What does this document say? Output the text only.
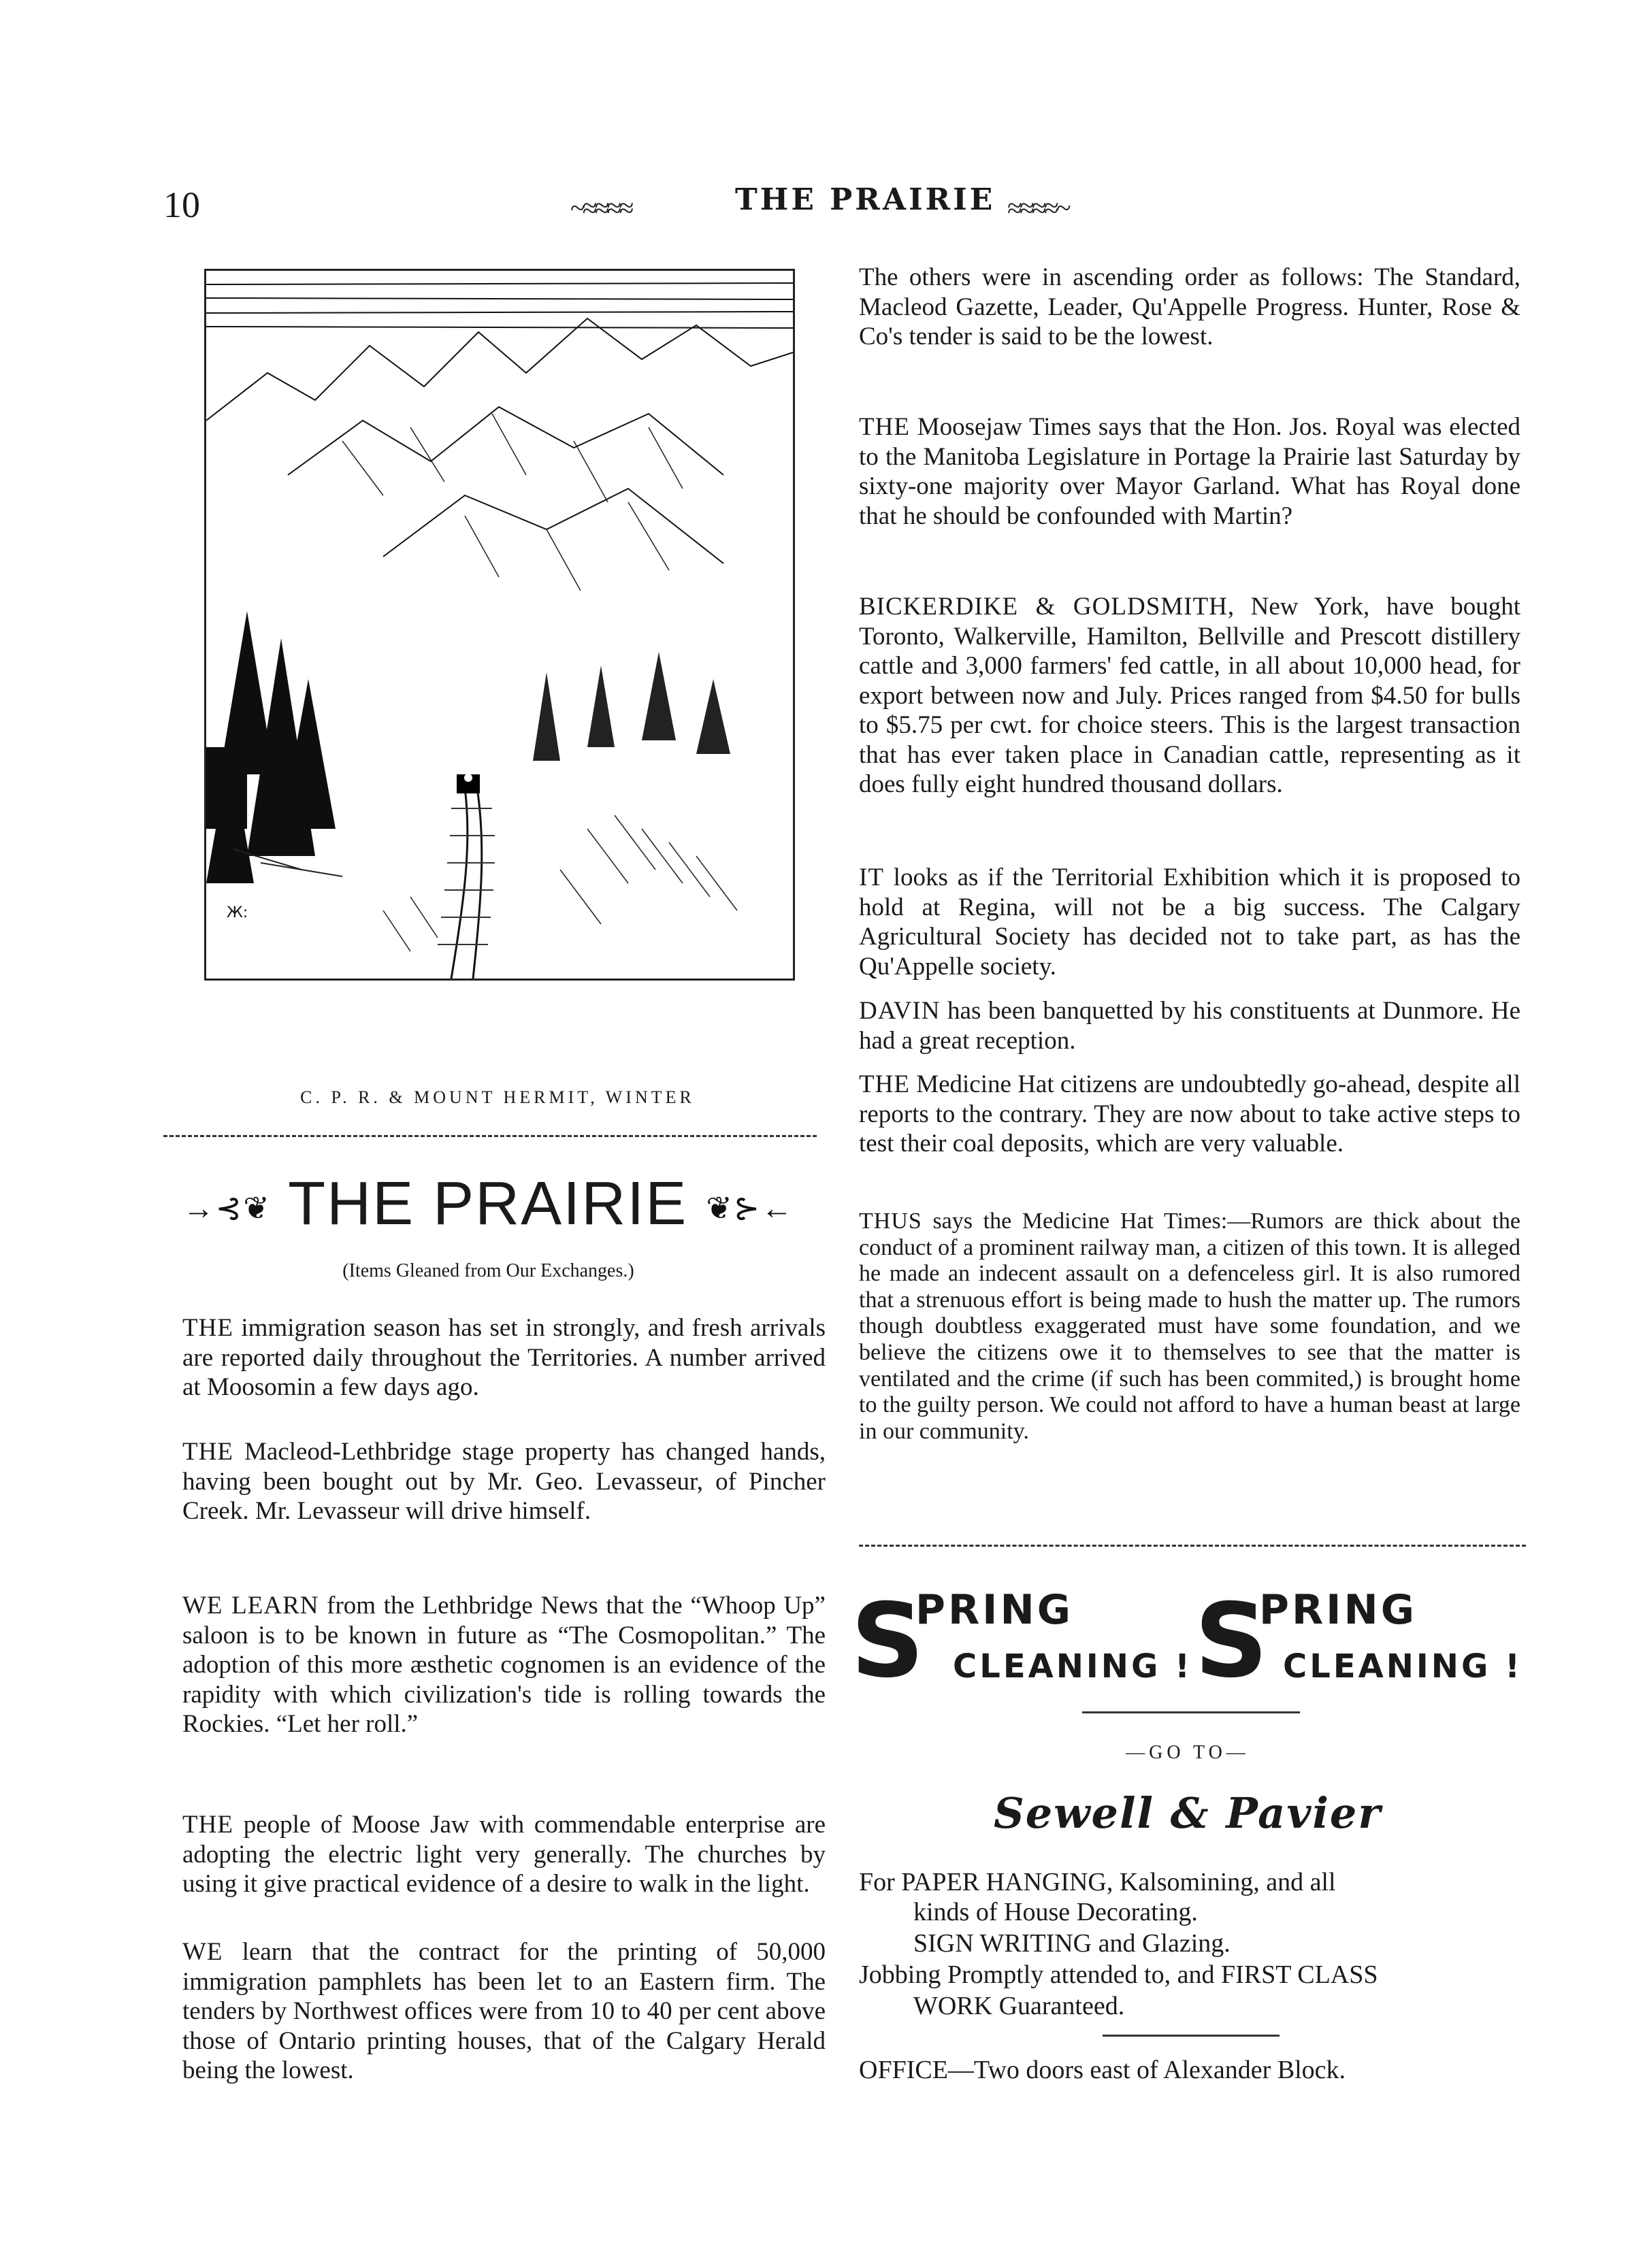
10	~≈≈≈≈	THE PRAIRIE ≈≈≈≈~
Ж:
C. P. R. & MOUNT HERMIT, WINTER
→⊰❦ THE PRAIRIE ❦⊱←
(Items Gleaned from Our Exchanges.)

THE immigration season has set in strongly, and fresh arrivals are reported daily throughout the Territories. A number arrived at Moosomin a few days ago.

THE Macleod-Lethbridge stage property has changed hands, having been bought out by Mr. Geo. Levasseur, of Pincher Creek. Mr. Levasseur will drive himself.

WE LEARN from the Lethbridge News that the “Whoop Up” saloon is to be known in future as “The Cosmopolitan.” The adoption of this more æsthetic cognomen is an evidence of the rapidity with which civilization's tide is rolling towards the Rockies. “Let her roll.”

THE people of Moose Jaw with commendable enterprise are adopting the electric light very generally. The churches by using it give practical evidence of a desire to walk in the light.

WE learn that the contract for the printing of 50,000 immigration pamphlets has been let to an Eastern firm. The tenders by Northwest offices were from 10 to 40 per cent above those of Ontario printing houses, that of the Calgary Herald being the lowest.

The others were in ascending order as follows: The Standard, Macleod Gazette, Leader, Qu'Appelle Progress. Hunter, Rose & Co's tender is said to be the lowest.

THE Moosejaw Times says that the Hon. Jos. Royal was elected to the Manitoba Legislature in Portage la Prairie last Saturday by sixty-one majority over Mayor Garland. What has Royal done that he should be confounded with Martin?

BICKERDIKE & GOLDSMITH, New York, have bought Toronto, Walkerville, Hamilton, Bellville and Prescott distillery cattle and 3,000 farmers' fed cattle, in all about 10,000 head, for export between now and July. Prices ranged from $4.50 for bulls to $5.75 per cwt. for choice steers. This is the largest transaction that has ever taken place in Canadian cattle, representing as it does fully eight hundred thousand dollars.

IT looks as if the Territorial Exhibition which it is proposed to hold at Regina, will not be a big success. The Calgary Agricultural Society has decided not to take part, as has the Qu'Appelle society.

DAVIN has been banquetted by his constituents at Dunmore. He had a great reception.

THE Medicine Hat citizens are undoubtedly go-ahead, despite all reports to the contrary. They are now about to take active steps to test their coal deposits, which are very valuable.

THUS says the Medicine Hat Times:—Rumors are thick about the conduct of a prominent railway man, a citizen of this town. It is alleged he made an indecent assault on a defenceless girl. It is also rumored that a strenuous effort is being made to hush the matter up. The rumors though doubtless exaggerated must have some foundation, and we believe the citizens owe it to themselves to see that the matter is ventilated and the crime (if such has been commited,) is brought home to the guilty person. We could not afford to have a human beast at large in our community.

S
PRING
CLEANING ! S
PRING
CLEANING !
—GO TO—
Sewell & Pavier
For PAPER HANGING, Kalsomining, and all
kinds of House Decorating.
SIGN WRITING and Glazing.
Jobbing Promptly attended to, and FIRST CLASS
WORK Guaranteed.
OFFICE—Two doors east of Alexander Block.
